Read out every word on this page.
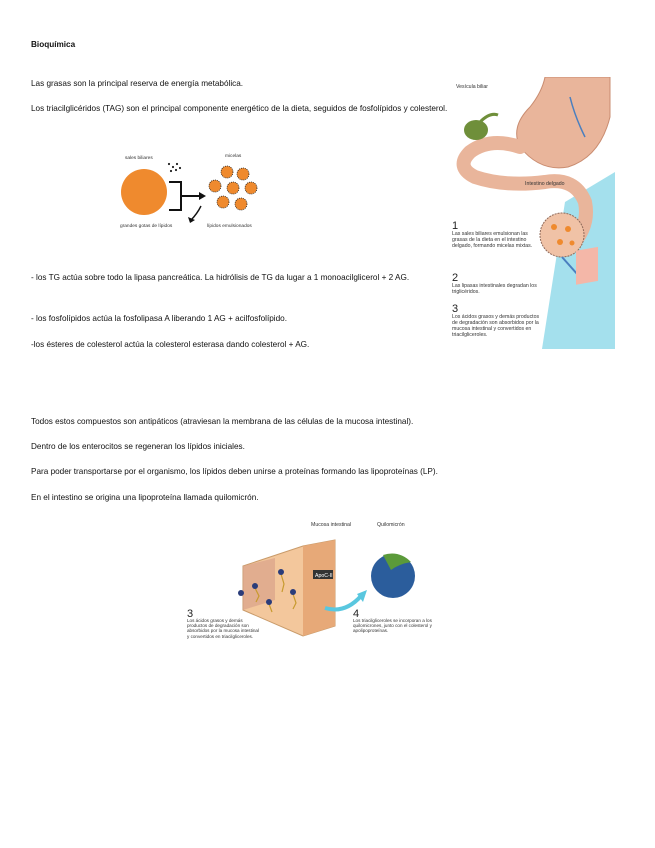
Bioquímica

Las grasas son la principal reserva de energía metabólica.

Los triacilglicéridos (TAG) son el principal componente energético de la dieta, seguidos de fosfolípidos y colesterol.

sales biliares	micelas
grandes gotas de lípidos	lípidos emulsionados
Vesícula biliar
Intestino delgado
1
Las sales biliares emulsionan las grasas de la dieta en el intestino delgado, formando micelas mixtas.
2
Las lipasas intestinales degradan los triglicéridos.
3
Los ácidos grasos y demás productos de degradación son absorbidos por la mucosa intestinal y convertidos en triacilgliceroles.

- los TG actúa sobre todo la lipasa pancreática. La hidrólisis de TG da lugar a 1 monoacilglicerol + 2 AG.

- los fosfolípidos actúa la fosfolipasa A liberando 1 AG + acilfosfolípido.

-los ésteres de colesterol actúa la colesterol esterasa dando colesterol + AG.

Todos estos compuestos son antipáticos (atraviesan la membrana de las células de la mucosa intestinal).

Dentro de los enterocitos se regeneran los lípidos iniciales.

Para poder transportarse por el organismo, los lípidos deben unirse a proteínas formando las lipoproteínas (LP).

En el intestino se origina una lipoproteína llamada quilomicrón.

ApoC-II
Mucosa intestinal	Quilomicrón
3
Los ácidos grasos y demás productos de degradación son absorbidos por la mucosa intestinal y convertidos en triacilgliceroles.
4
Los triacilgliceroles se incorporan a los quilomicrones, junto con el colesterol y apolipoproteínas.
